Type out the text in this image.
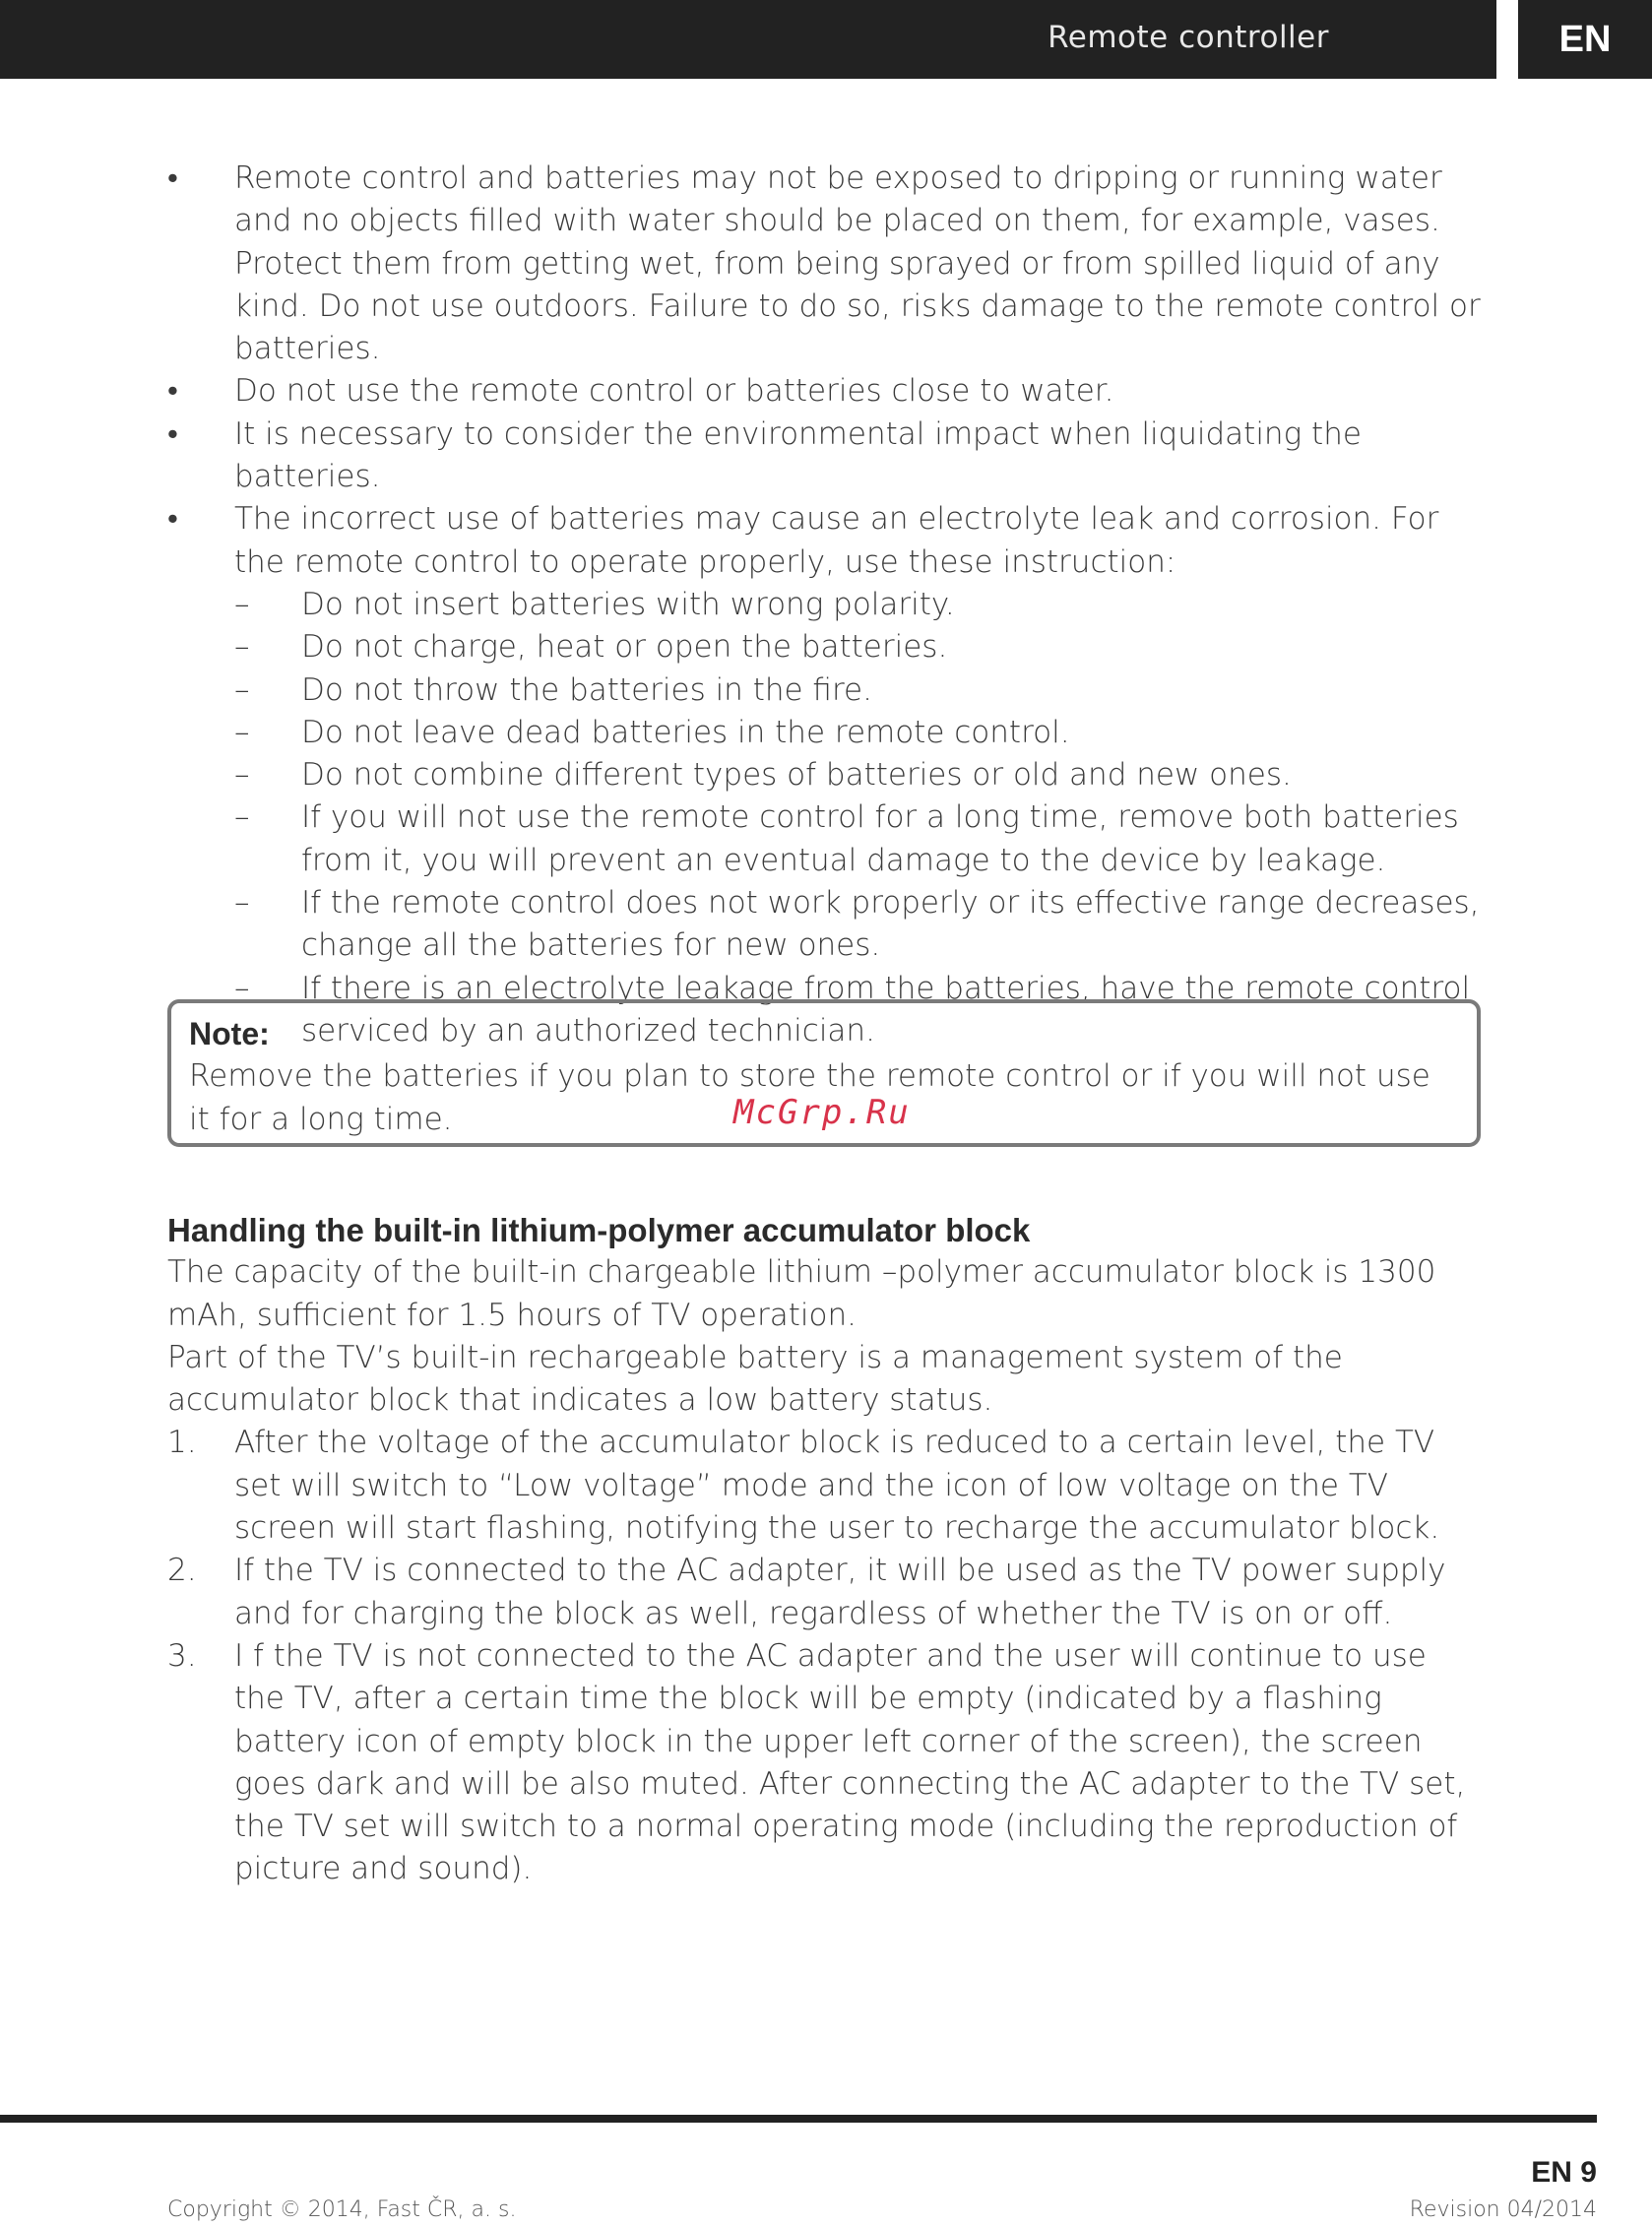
Remote controller	EN
• Remote control and batteries may not be exposed to dripping or running water and no objects filled with water should be placed on them, for example, vases. Protect them from getting wet, from being sprayed or from spilled liquid of any kind. Do not use outdoors. Failure to do so, risks damage to the remote control or batteries.
• Do not use the remote control or batteries close to water.
• It is necessary to consider the environmental impact when liquidating the batteries.
• The incorrect use of batteries may cause an electrolyte leak and corrosion. For the remote control to operate properly, use these instruction:
– Do not insert batteries with wrong polarity.
– Do not charge, heat or open the batteries.
– Do not throw the batteries in the fire.
– Do not leave dead batteries in the remote control.
– Do not combine different types of batteries or old and new ones.
– If you will not use the remote control for a long time, remove both batteries from it, you will prevent an eventual damage to the device by leakage.
– If the remote control does not work properly or its effective range decreases, change all the batteries for new ones.
– If there is an electrolyte leakage from the batteries, have the remote control serviced by an authorized technician.
Note:
Remove the batteries if you plan to store the remote control or if you will not use it for a long time.	McGrp.Ru
Handling the built-in lithium-polymer accumulator block

The capacity of the built-in chargeable lithium –polymer accumulator block is 1300 mAh, sufficient for 1.5 hours of TV operation.

Part of the TV’s built-in rechargeable battery is a management system of the accumulator block that indicates a low battery status.

1. After the voltage of the accumulator block is reduced to a certain level, the TV set will switch to “Low voltage” mode and the icon of low voltage on the TV screen will start flashing, notifying the user to recharge the accumulator block.
2. If the TV is connected to the AC adapter, it will be used as the TV power supply and for charging the block as well, regardless of whether the TV is on or off.
3. I f the TV is not connected to the AC adapter and the user will continue to use the TV, after a certain time the block will be empty (indicated by a flashing battery icon of empty block in the upper left corner of the screen), the screen goes dark and will be also muted. After connecting the AC adapter to the TV set, the TV set will switch to a normal operating mode (including the reproduction of picture and sound).
EN 9
Copyright © 2014, Fast ČR, a. s.	Revision 04/2014
